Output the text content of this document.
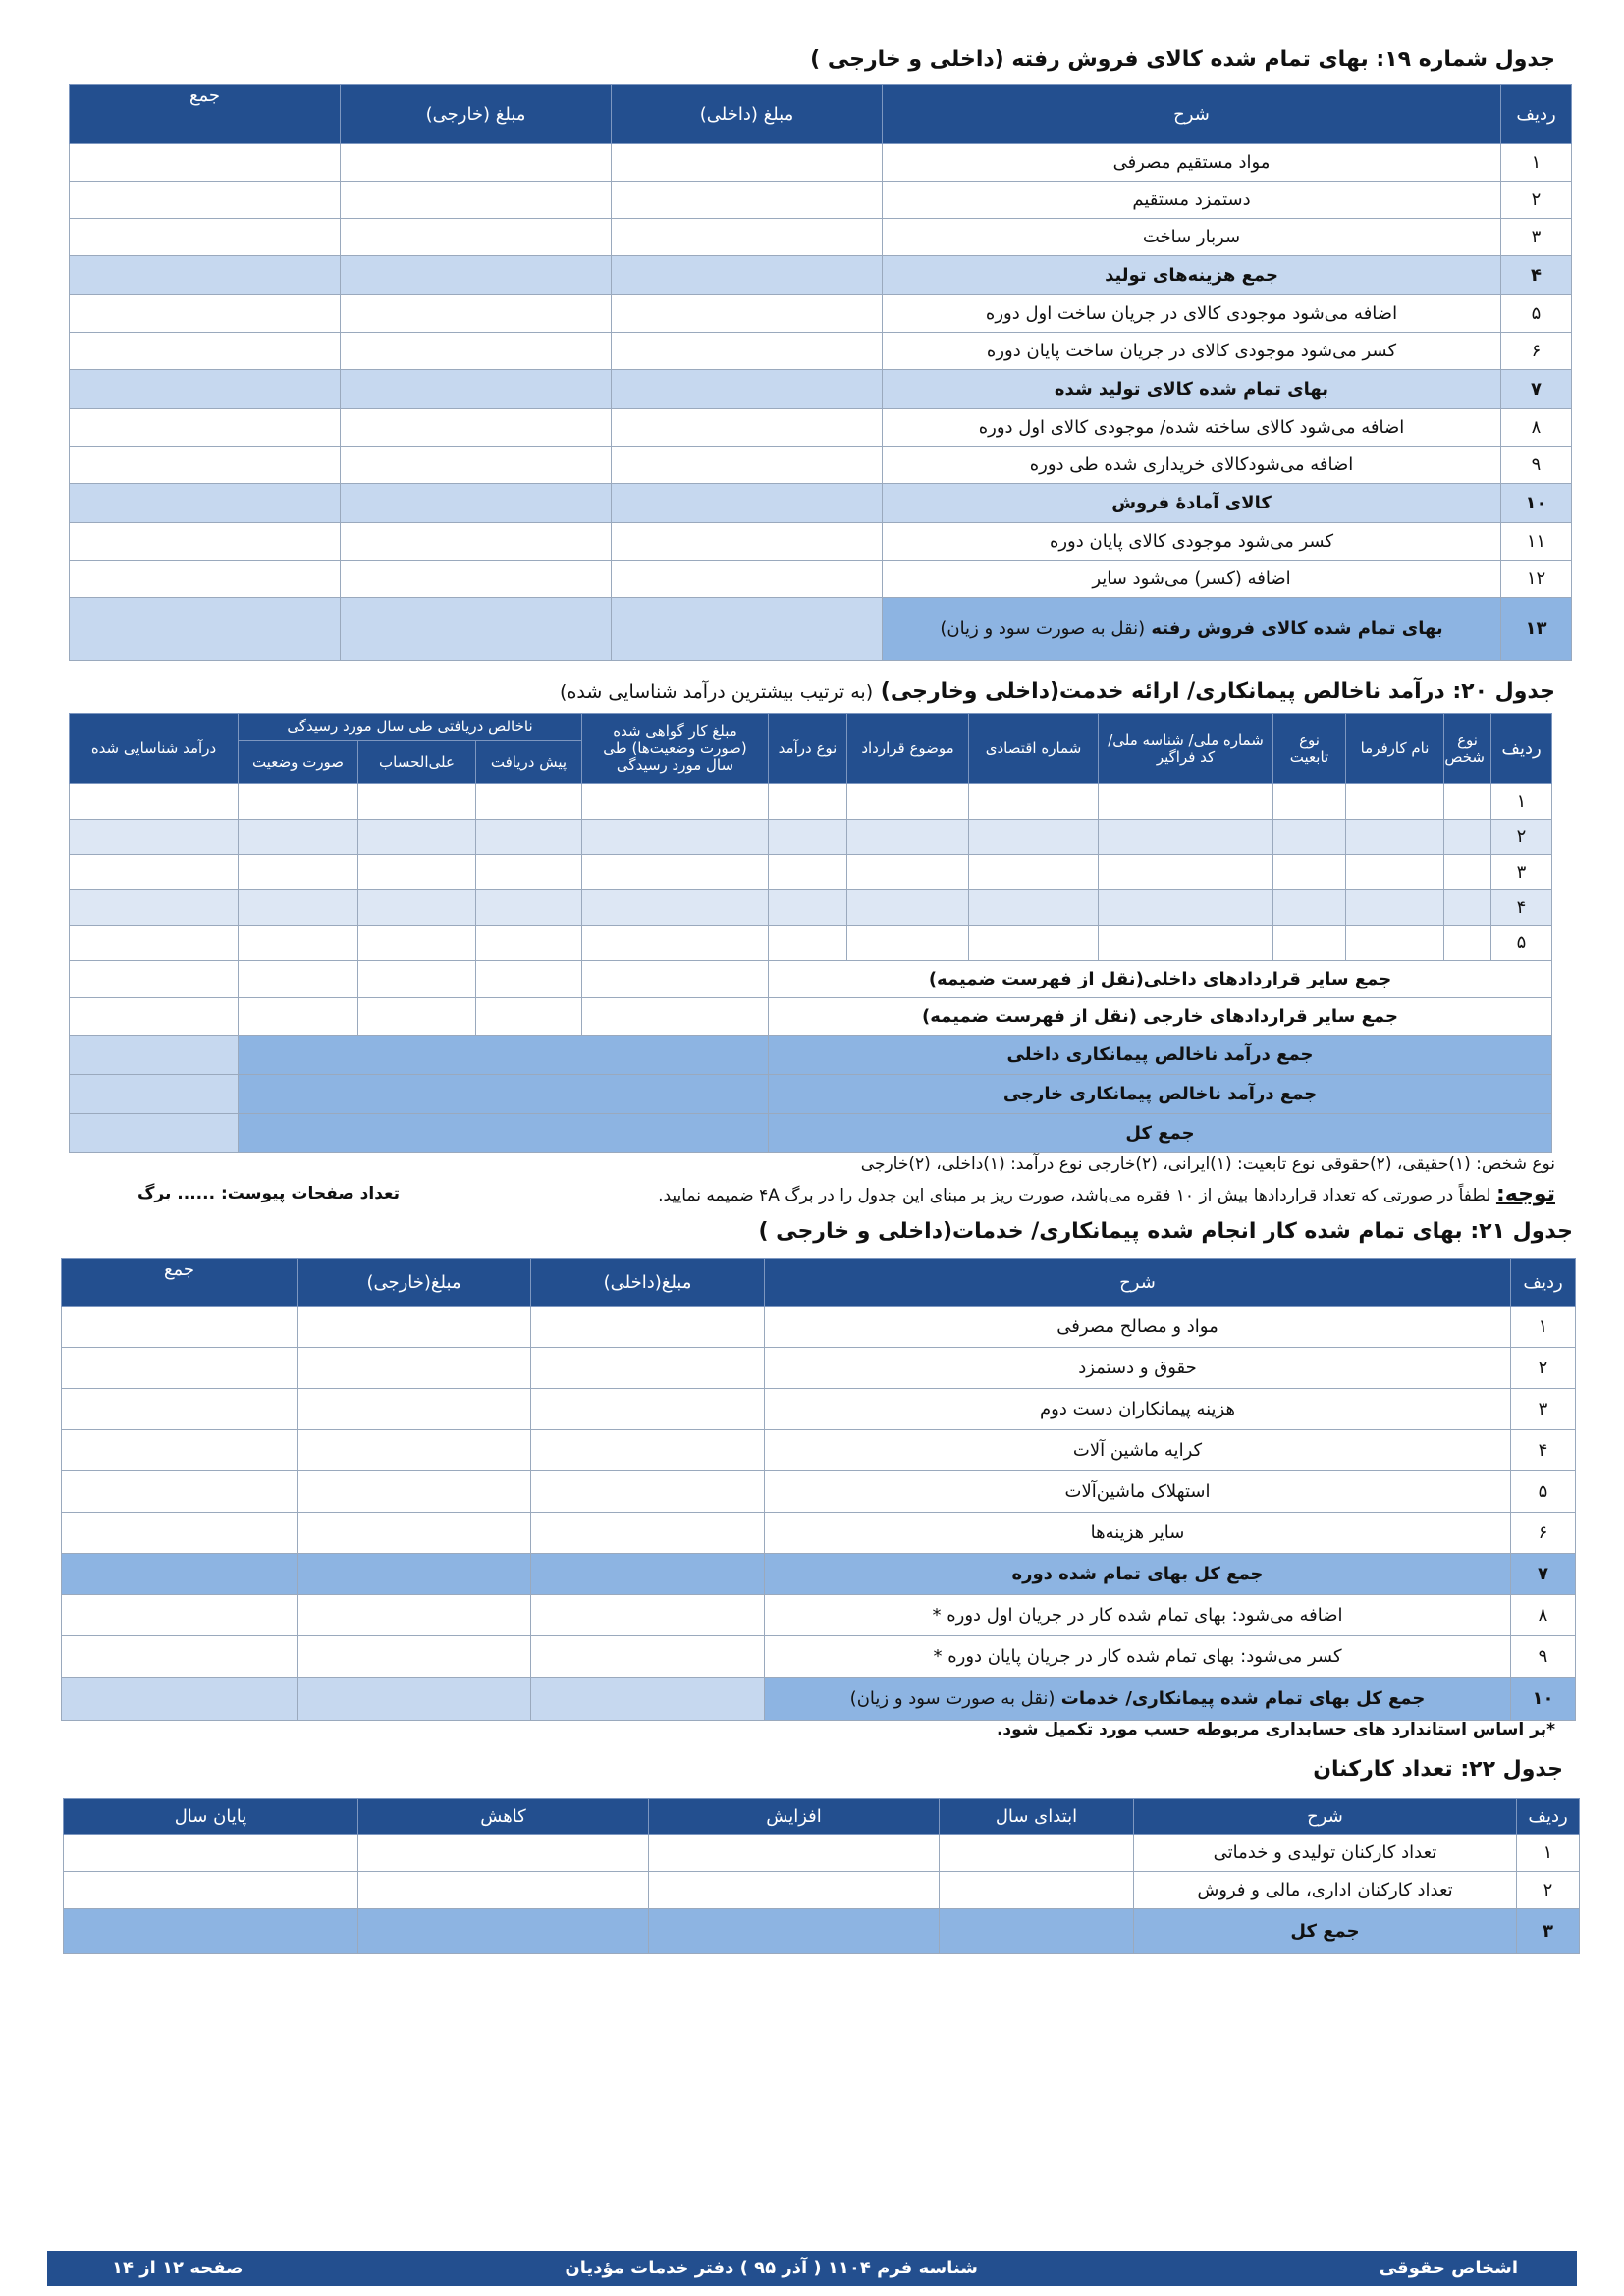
جدول شماره ۱۹: بهای تمام شده کالای فروش رفته (داخلی و خارجی )
ردیف	شرح	مبلغ (داخلی)	مبلغ (خارجی)	جمع
۱	مواد مستقیم مصرفی			
۲	دستمزد مستقیم			
۳	سربار ساخت			
۴	جمع هزینه‌های تولید			
۵	اضافه می‌شود موجودی کالای در جریان ساخت اول دوره			
۶	کسر می‌شود موجودی کالای در جریان ساخت پایان دوره			
۷	بهای تمام شده کالای تولید شده			
۸	اضافه می‌شود کالای ساخته شده/ موجودی کالای اول دوره			
۹	اضافه می‌شودکالای خریداری شده طی دوره			
۱۰	کالای آمادهٔ فروش			
۱۱	کسر می‌شود موجودی کالای پایان دوره			
۱۲	اضافه (کسر) می‌شود سایر			
۱۳	بهای تمام شده کالای فروش رفته (نقل به صورت سود و زیان)			
جدول ۲۰: درآمد ناخالص پیمانکاری/ ارائه خدمت(داخلی وخارجی) (به ترتیب بیشترین درآمد شناسایی شده)
ردیف	نوع شخص	نام کارفرما	نوع تابعیت	شماره ملی/ شناسه ملی/ کد فراگیر	شماره اقتصادی	موضوع قرارداد	نوع درآمد	مبلغ کار گواهی شده (صورت وضعیت‌ها) طی سال مورد رسیدگی	ناخالص دریافتی طی سال مورد رسیدگی			درآمد شناسایی شده
									پیش دریافت	علی‌الحساب	صورت وضعیت	
۱												
۲												
۳												
۴												
۵												
جمع سایر قراردادهای داخلی(نقل از فهرست ضمیمه)												
جمع سایر قراردادهای خارجی (نقل از فهرست ضمیمه)												
جمع درآمد ناخالص پیمانکاری داخلی												
جمع درآمد ناخالص پیمانکاری خارجی												
جمع کل												
نوع شخص: (۱)حقیقی، (۲)حقوقی نوع تابعیت: (۱)ایرانی، (۲)خارجی نوع درآمد: (۱)داخلی، (۲)خارجی
توجه: لطفاً در صورتی که تعداد قراردادها بیش از ۱۰ فقره می‌باشد، صورت ریز بر مبنای این جدول را در برگ ۴A ضمیمه نمایید.
تعداد صفحات پیوست: ...... برگ
جدول ۲۱: بهای تمام شده کار انجام شده پیمانکاری/ خدمات(داخلی و خارجی )
ردیف	شرح	مبلغ(داخلی)	مبلغ(خارجی)	جمع
۱	مواد و مصالح مصرفی			
۲	حقوق و دستمزد			
۳	هزینه پیمانکاران دست دوم			
۴	کرایه ماشین آلات			
۵	استهلاک ماشین‌آلات			
۶	سایر هزینه‌ها			
۷	جمع کل بهای تمام شده دوره			
۸	اضافه می‌شود: بهای تمام شده کار در جریان اول دوره *			
۹	کسر می‌شود: بهای تمام شده کار در جریان پایان دوره *			
۱۰	جمع کل بهای تمام شده پیمانکاری/ خدمات (نقل به صورت سود و زیان)			
*بر اساس استاندارد های حسابداری مربوطه حسب مورد تکمیل شود.
جدول ۲۲: تعداد کارکنان
ردیف	شرح	ابتدای سال	افزایش	کاهش	پایان سال
۱	تعداد کارکنان تولیدی و خدماتی				
۲	تعداد کارکنان اداری، مالی و فروش				
۳	جمع کل				
اشخاص حقوقی
شناسه فرم ۱۱۰۴ ( آذر ۹۵ ) دفتر خدمات مؤدیان
صفحه ۱۲ از ۱۴
